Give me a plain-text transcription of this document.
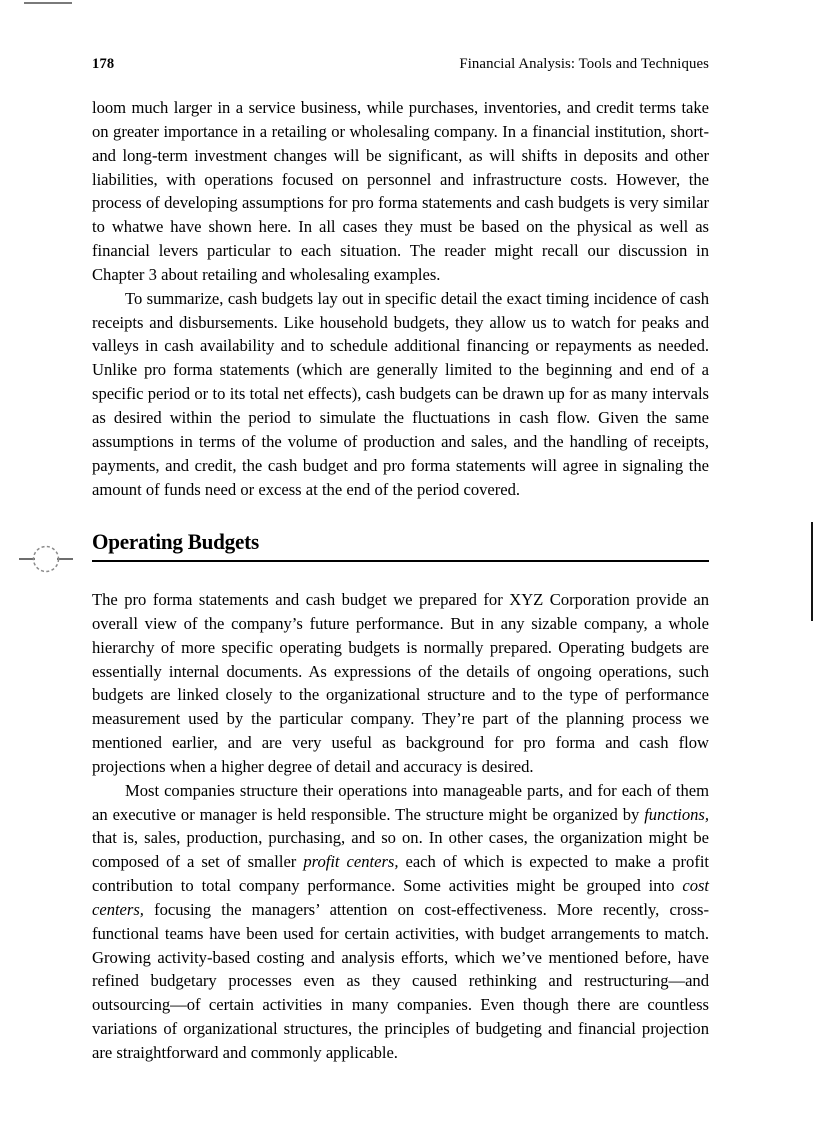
178	Financial Analysis: Tools and Techniques

loom much larger in a service business, while purchases, inventories, and credit terms take on greater importance in a retailing or wholesaling company. In a financial institution, short- and long-term investment changes will be significant, as will shifts in deposits and other liabilities, with operations focused on personnel and infrastructure costs. However, the process of developing assumptions for pro forma statements and cash budgets is very similar to whatwe have shown here. In all cases they must be based on the physical as well as financial levers particular to each situation. The reader might recall our discussion in Chapter 3 about retailing and wholesaling examples.

To summarize, cash budgets lay out in specific detail the exact timing incidence of cash receipts and disbursements. Like household budgets, they allow us to watch for peaks and valleys in cash availability and to schedule additional financing or repayments as needed. Unlike pro forma statements (which are generally limited to the beginning and end of a specific period or to its total net effects), cash budgets can be drawn up for as many intervals as desired within the period to simulate the fluctuations in cash flow. Given the same assumptions in terms of the volume of production and sales, and the handling of receipts, payments, and credit, the cash budget and pro forma statements will agree in signaling the amount of funds need or excess at the end of the period covered.

Operating Budgets

The pro forma statements and cash budget we prepared for XYZ Corporation provide an overall view of the company’s future performance. But in any sizable company, a whole hierarchy of more specific operating budgets is normally prepared. Operating budgets are essentially internal documents. As expressions of the details of ongoing operations, such budgets are linked closely to the organizational structure and to the type of performance measurement used by the particular company. They’re part of the planning process we mentioned earlier, and are very useful as background for pro forma and cash flow projections when a higher degree of detail and accuracy is desired.

Most companies structure their operations into manageable parts, and for each of them an executive or manager is held responsible. The structure might be organized by functions, that is, sales, production, purchasing, and so on. In other cases, the organization might be composed of a set of smaller profit centers, each of which is expected to make a profit contribution to total company performance. Some activities might be grouped into cost centers, focusing the managers’ attention on cost-effectiveness. More recently, cross-functional teams have been used for certain activities, with budget arrangements to match. Growing activity-based costing and analysis efforts, which we’ve mentioned before, have refined budgetary processes even as they caused rethinking and restructuring—and outsourcing—of certain activities in many companies. Even though there are countless variations of organizational structures, the principles of budgeting and financial projection are straightforward and commonly applicable.
